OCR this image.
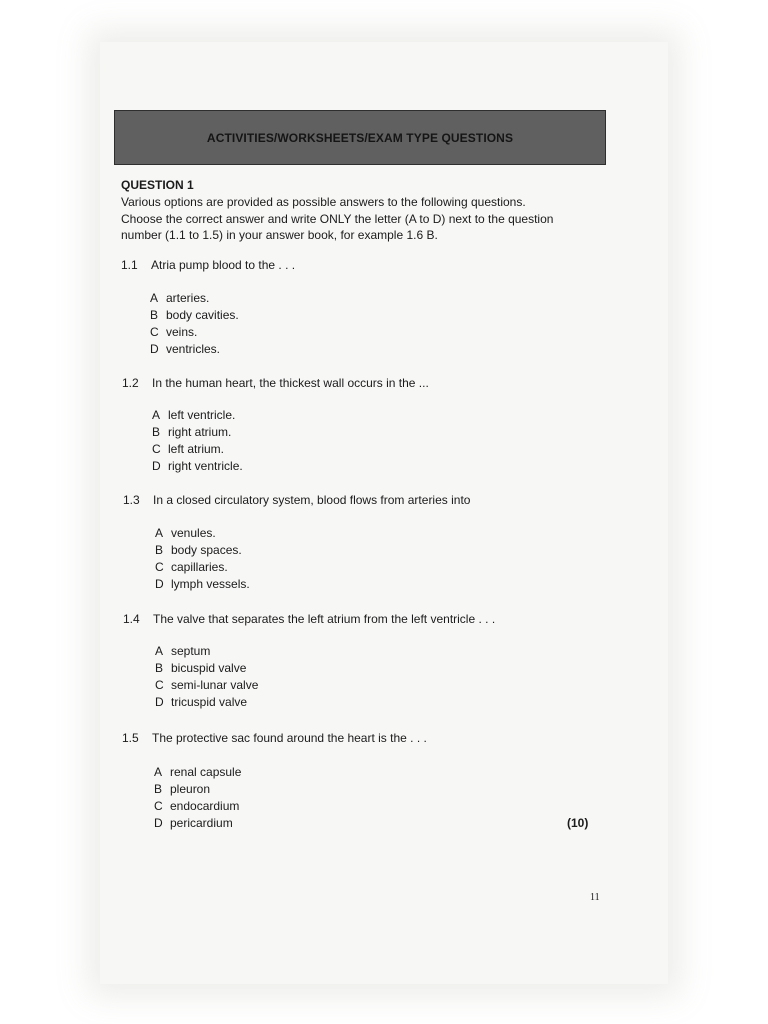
ACTIVITIES/WORKSHEETS/EXAM TYPE QUESTIONS
QUESTION 1
Various options are provided as possible answers to the following questions.
Choose the correct answer and write ONLY the letter (A to D) next to the question
number (1.1 to 1.5) in your answer book, for example 1.6 B.
1.1 Atria pump blood to the . . .
A arteries.
B body cavities.
C veins.
D ventricles.
1.2 In the human heart, the thickest wall occurs in the ...
A left ventricle.
B right atrium.
C left atrium.
D right ventricle.
1.3 In a closed circulatory system, blood flows from arteries into
A venules.
B body spaces.
C capillaries.
D lymph vessels.
1.4 The valve that separates the left atrium from the left ventricle . . .
A septum
B bicuspid valve
C semi-lunar valve
D tricuspid valve
1.5 The protective sac found around the heart is the . . .
A renal capsule
B pleuron
C endocardium
D pericardium	(10)
11
